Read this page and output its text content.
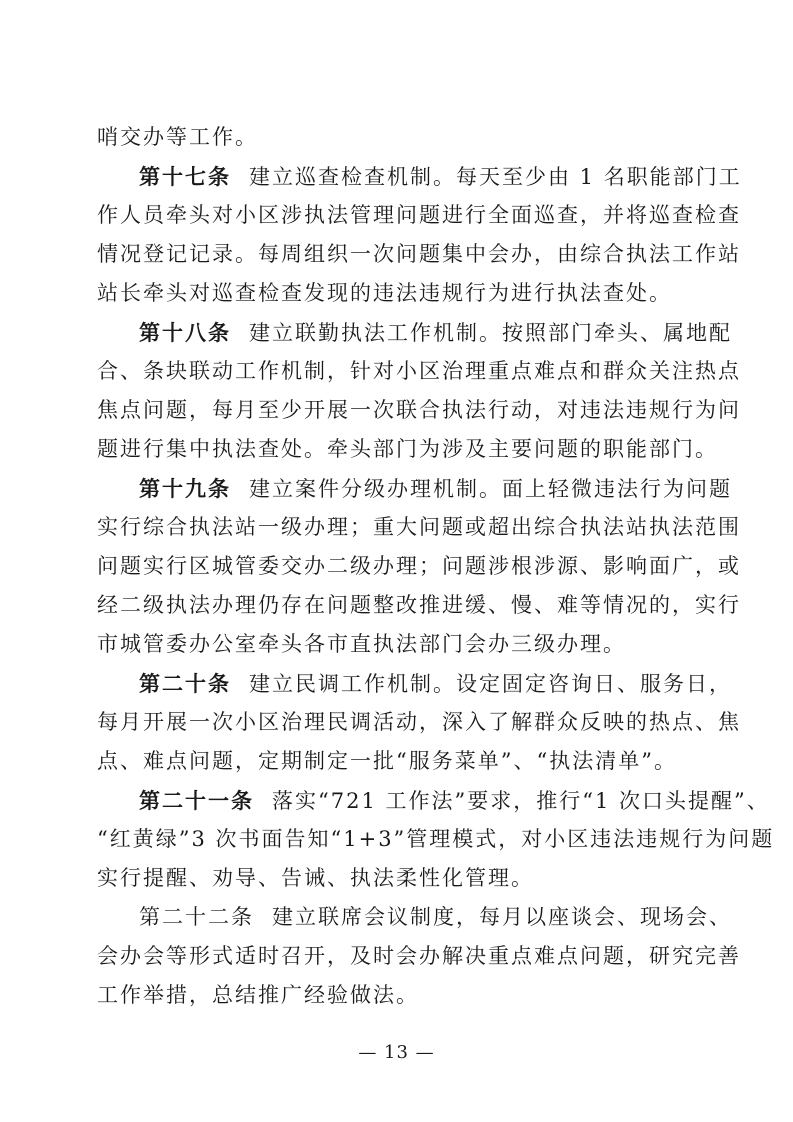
哨交办等工作。
第十七条 建立巡查检查机制。每天至少由 1 名职能部门工
作人员牵头对小区涉执法管理问题进行全面巡查，并将巡查检查
情况登记记录。每周组织一次问题集中会办，由综合执法工作站
站长牵头对巡查检查发现的违法违规行为进行执法查处。
第十八条 建立联勤执法工作机制。按照部门牵头、属地配
合、条块联动工作机制，针对小区治理重点难点和群众关注热点
焦点问题，每月至少开展一次联合执法行动，对违法违规行为问
题进行集中执法查处。牵头部门为涉及主要问题的职能部门。
第十九条 建立案件分级办理机制。面上轻微违法行为问题
实行综合执法站一级办理；重大问题或超出综合执法站执法范围
问题实行区城管委交办二级办理；问题涉根涉源、影响面广，或
经二级执法办理仍存在问题整改推进缓、慢、难等情况的，实行
市城管委办公室牵头各市直执法部门会办三级办理。
第二十条 建立民调工作机制。设定固定咨询日、服务日，
每月开展一次小区治理民调活动，深入了解群众反映的热点、焦
点、难点问题，定期制定一批“服务菜单”、“执法清单”。
第二十一条 落实“721 工作法”要求，推行“1 次口头提醒”、
“红黄绿”3 次书面告知“1+3”管理模式，对小区违法违规行为问题
实行提醒、劝导、告诫、执法柔性化管理。
第二十二条 建立联席会议制度，每月以座谈会、现场会、
会办会等形式适时召开，及时会办解决重点难点问题，研究完善
工作举措，总结推广经验做法。
— 13 —
